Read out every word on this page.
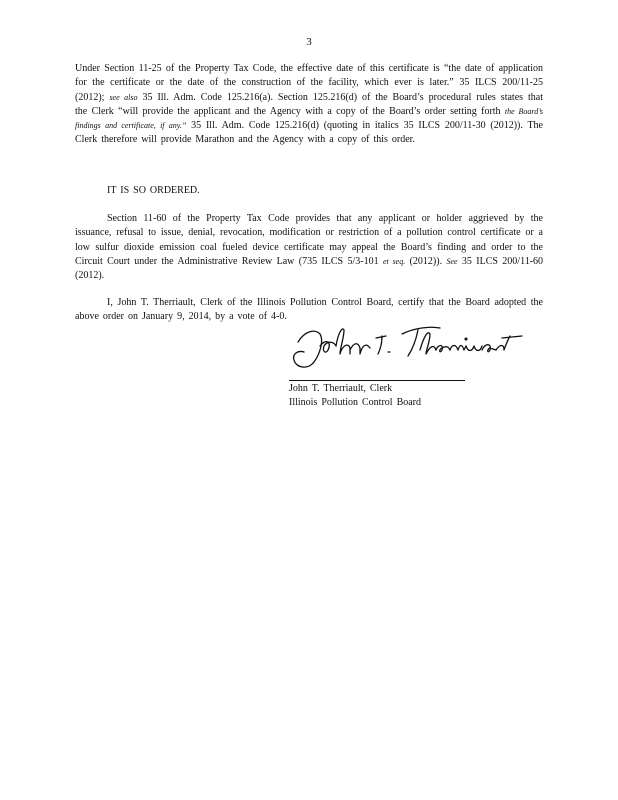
3

Under Section 11-25 of the Property Tax Code, the effective date of this certificate is “the date of application for the certificate or the date of the construction of the facility, which ever is later.” 35 ILCS 200/11-25 (2012); see also 35 Ill. Adm. Code 125.216(a). Section 125.216(d) of the Board’s procedural rules states that the Clerk “will provide the applicant and the Agency with a copy of the Board’s order setting forth the Board’s findings and certificate, if any.” 35 Ill. Adm. Code 125.216(d) (quoting in italics 35 ILCS 200/11-30 (2012)). The Clerk therefore will provide Marathon and the Agency with a copy of this order.

IT IS SO ORDERED.

Section 11-60 of the Property Tax Code provides that any applicant or holder aggrieved by the issuance, refusal to issue, denial, revocation, modification or restriction of a pollution control certificate or a low sulfur dioxide emission coal fueled device certificate may appeal the Board’s finding and order to the Circuit Court under the Administrative Review Law (735 ILCS 5/3-101 et seq. (2012)). See 35 ILCS 200/11-60 (2012).

I, John T. Therriault, Clerk of the Illinois Pollution Control Board, certify that the Board adopted the above order on January 9, 2014, by a vote of 4-0.

John T. Therriault, Clerk
Illinois Pollution Control Board
